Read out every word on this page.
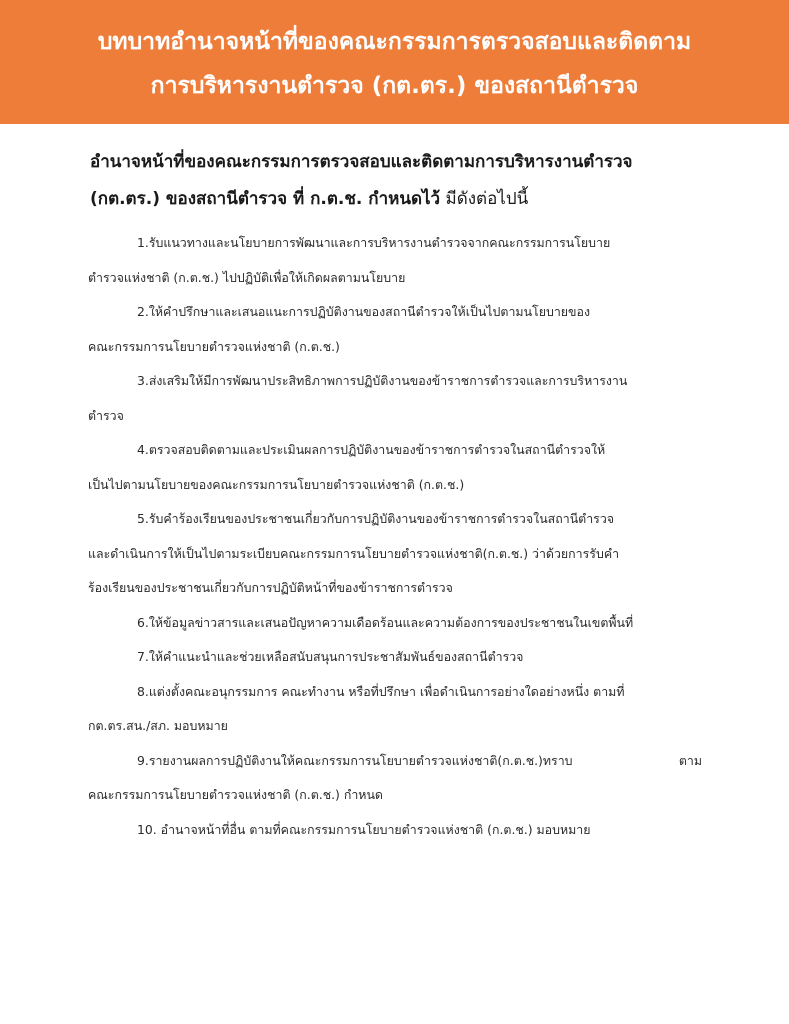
บทบาทอำนาจหน้าที่ของคณะกรรมการตรวจสอบและติดตาม
การบริหารงานตำรวจ (กต.ตร.) ของสถานีตำรวจ
อำนาจหน้าที่ของคณะกรรมการตรวจสอบและติดตามการบริหารงานตำรวจ
(กต.ตร.) ของสถานีตำรวจ ที่ ก.ต.ช. กำหนดไว้ มีดังต่อไปนี้
1.รับแนวทางและนโยบายการพัฒนาและการบริหารงานตำรวจจากคณะกรรมการนโยบาย
ตำรวจแห่งชาติ (ก.ต.ช.) ไปปฏิบัติเพื่อให้เกิดผลตามนโยบาย
2.ให้คำปรึกษาและเสนอแนะการปฏิบัติงานของสถานีตำรวจให้เป็นไปตามนโยบายของ
คณะกรรมการนโยบายตำรวจแห่งชาติ (ก.ต.ช.)
3.ส่งเสริมให้มีการพัฒนาประสิทธิภาพการปฏิบัติงานของข้าราชการตำรวจและการบริหารงาน
ตำรวจ
4.ตรวจสอบติดตามและประเมินผลการปฏิบัติงานของข้าราชการตำรวจในสถานีตำรวจให้
เป็นไปตามนโยบายของคณะกรรมการนโยบายตำรวจแห่งชาติ (ก.ต.ช.)
5.รับคำร้องเรียนของประชาชนเกี่ยวกับการปฏิบัติงานของข้าราชการตำรวจในสถานีตำรวจ
และดำเนินการให้เป็นไปตามระเบียบคณะกรรมการนโยบายตำรวจแห่งชาติ(ก.ต.ช.) ว่าด้วยการรับคำ
ร้องเรียนของประชาชนเกี่ยวกับการปฏิบัติหน้าที่ของข้าราชการตำรวจ
6.ให้ข้อมูลข่าวสารและเสนอปัญหาความเดือดร้อนและความต้องการของประชาชนในเขตพื้นที่
7.ให้คำแนะนำและช่วยเหลือสนับสนุนการประชาสัมพันธ์ของสถานีตำรวจ
8.แต่งตั้งคณะอนุกรรมการ คณะทำงาน หรือที่ปรึกษา เพื่อดำเนินการอย่างใดอย่างหนึ่ง ตามที่
กต.ตร.สน./สภ. มอบหมาย
9.รายงานผลการปฏิบัติงานให้คณะกรรมการนโยบายตำรวจแห่งชาติ(ก.ต.ช.)ทราบ	ตาม
คณะกรรมการนโยบายตำรวจแห่งชาติ (ก.ต.ช.) กำหนด
10. อำนาจหน้าที่อื่น ตามที่คณะกรรมการนโยบายตำรวจแห่งชาติ (ก.ต.ช.) มอบหมาย
